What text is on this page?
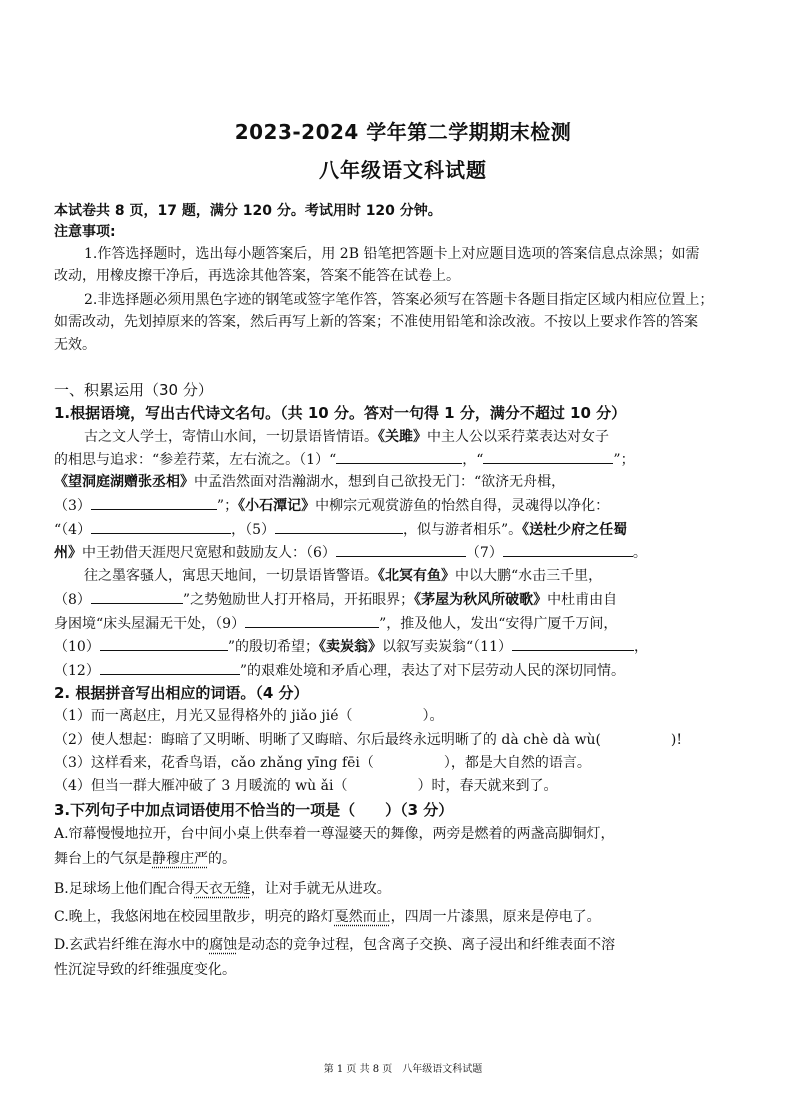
2023-2024 学年第二学期期末检测
八年级语文科试题
本试卷共 8 页，17 题，满分 120 分。考试用时 120 分钟。
注意事项:
1.作答选择题时，选出每小题答案后，用 2B 铅笔把答题卡上对应题目选项的答案信息点涂黑；如需
改动，用橡皮擦干净后，再选涂其他答案，答案不能答在试卷上。
2.非选择题必须用黑色字迹的钢笔或签字笔作答，答案必须写在答题卡各题目指定区域内相应位置上；
如需改动，先划掉原来的答案，然后再写上新的答案；不准使用铅笔和涂改液。不按以上要求作答的答案
无效。
一、积累运用（30 分）
1.根据语境，写出古代诗文名句。（共 10 分。答对一句得 1 分，满分不超过 10 分）
古之文人学士，寄情山水间，一切景语皆情语。《关雎》中主人公以采荇菜表达对女子
的相思与追求：“参差荇菜，左右流之。（1）“	，“	”；
《望洞庭湖赠张丞相》中孟浩然面对浩瀚湖水，想到自己欲投无门：“欲济无舟楫，
（3）	”；《小石潭记》中柳宗元观赏游鱼的怡然自得，灵魂得以净化：
“（4）	，（5）	，似与游者相乐”。《送杜少府之任蜀
州》中王勃借天涯咫尺宽慰和鼓励友人：（6）	（7）	。
往之墨客骚人，寓思天地间，一切景语皆警语。《北冥有鱼》中以大鹏“水击三千里，
（8）	”之势勉励世人打开格局，开拓眼界；《茅屋为秋风所破歌》中杜甫由自
身困境“床头屋漏无干处，（9）	”，推及他人，发出“安得广厦千万间，
（10）	”的殷切希望；《卖炭翁》以叙写卖炭翁“（11）	，
（12）	”的艰难处境和矛盾心理，表达了对下层劳动人民的深切同情。
2. 根据拼音写出相应的词语。（4 分）
（1）而一离赵庄，月光又显得格外的 jiǎo jié（　　　　　）。
（2）使人想起：晦暗了又明晰、明晰了又晦暗、尔后最终永远明晰了的 dà chè dà wù(　　　　　)!
（3）这样看来，花香鸟语，cǎo zhǎng yīng fēi（　　　　　），都是大自然的语言。
（4）但当一群大雁冲破了 3 月暖流的 wù ǎi（　　　　　）时，春天就来到了。
3.下列句子中加点词语使用不恰当的一项是（　　）（3 分）
A.帘幕慢慢地拉开，台中间小桌上供奉着一尊湿婆天的舞像，两旁是燃着的两盏高脚铜灯，
舞台上的气氛是静穆庄严的。
B.足球场上他们配合得天衣无缝，让对手就无从进攻。
C.晚上，我悠闲地在校园里散步，明亮的路灯戛然而止，四周一片漆黑，原来是停电了。
D.玄武岩纤维在海水中的腐蚀是动态的竞争过程，包含离子交换、离子浸出和纤维表面不溶
性沉淀导致的纤维强度变化。
第 1 页 共 8 页　八年级语文科试题
